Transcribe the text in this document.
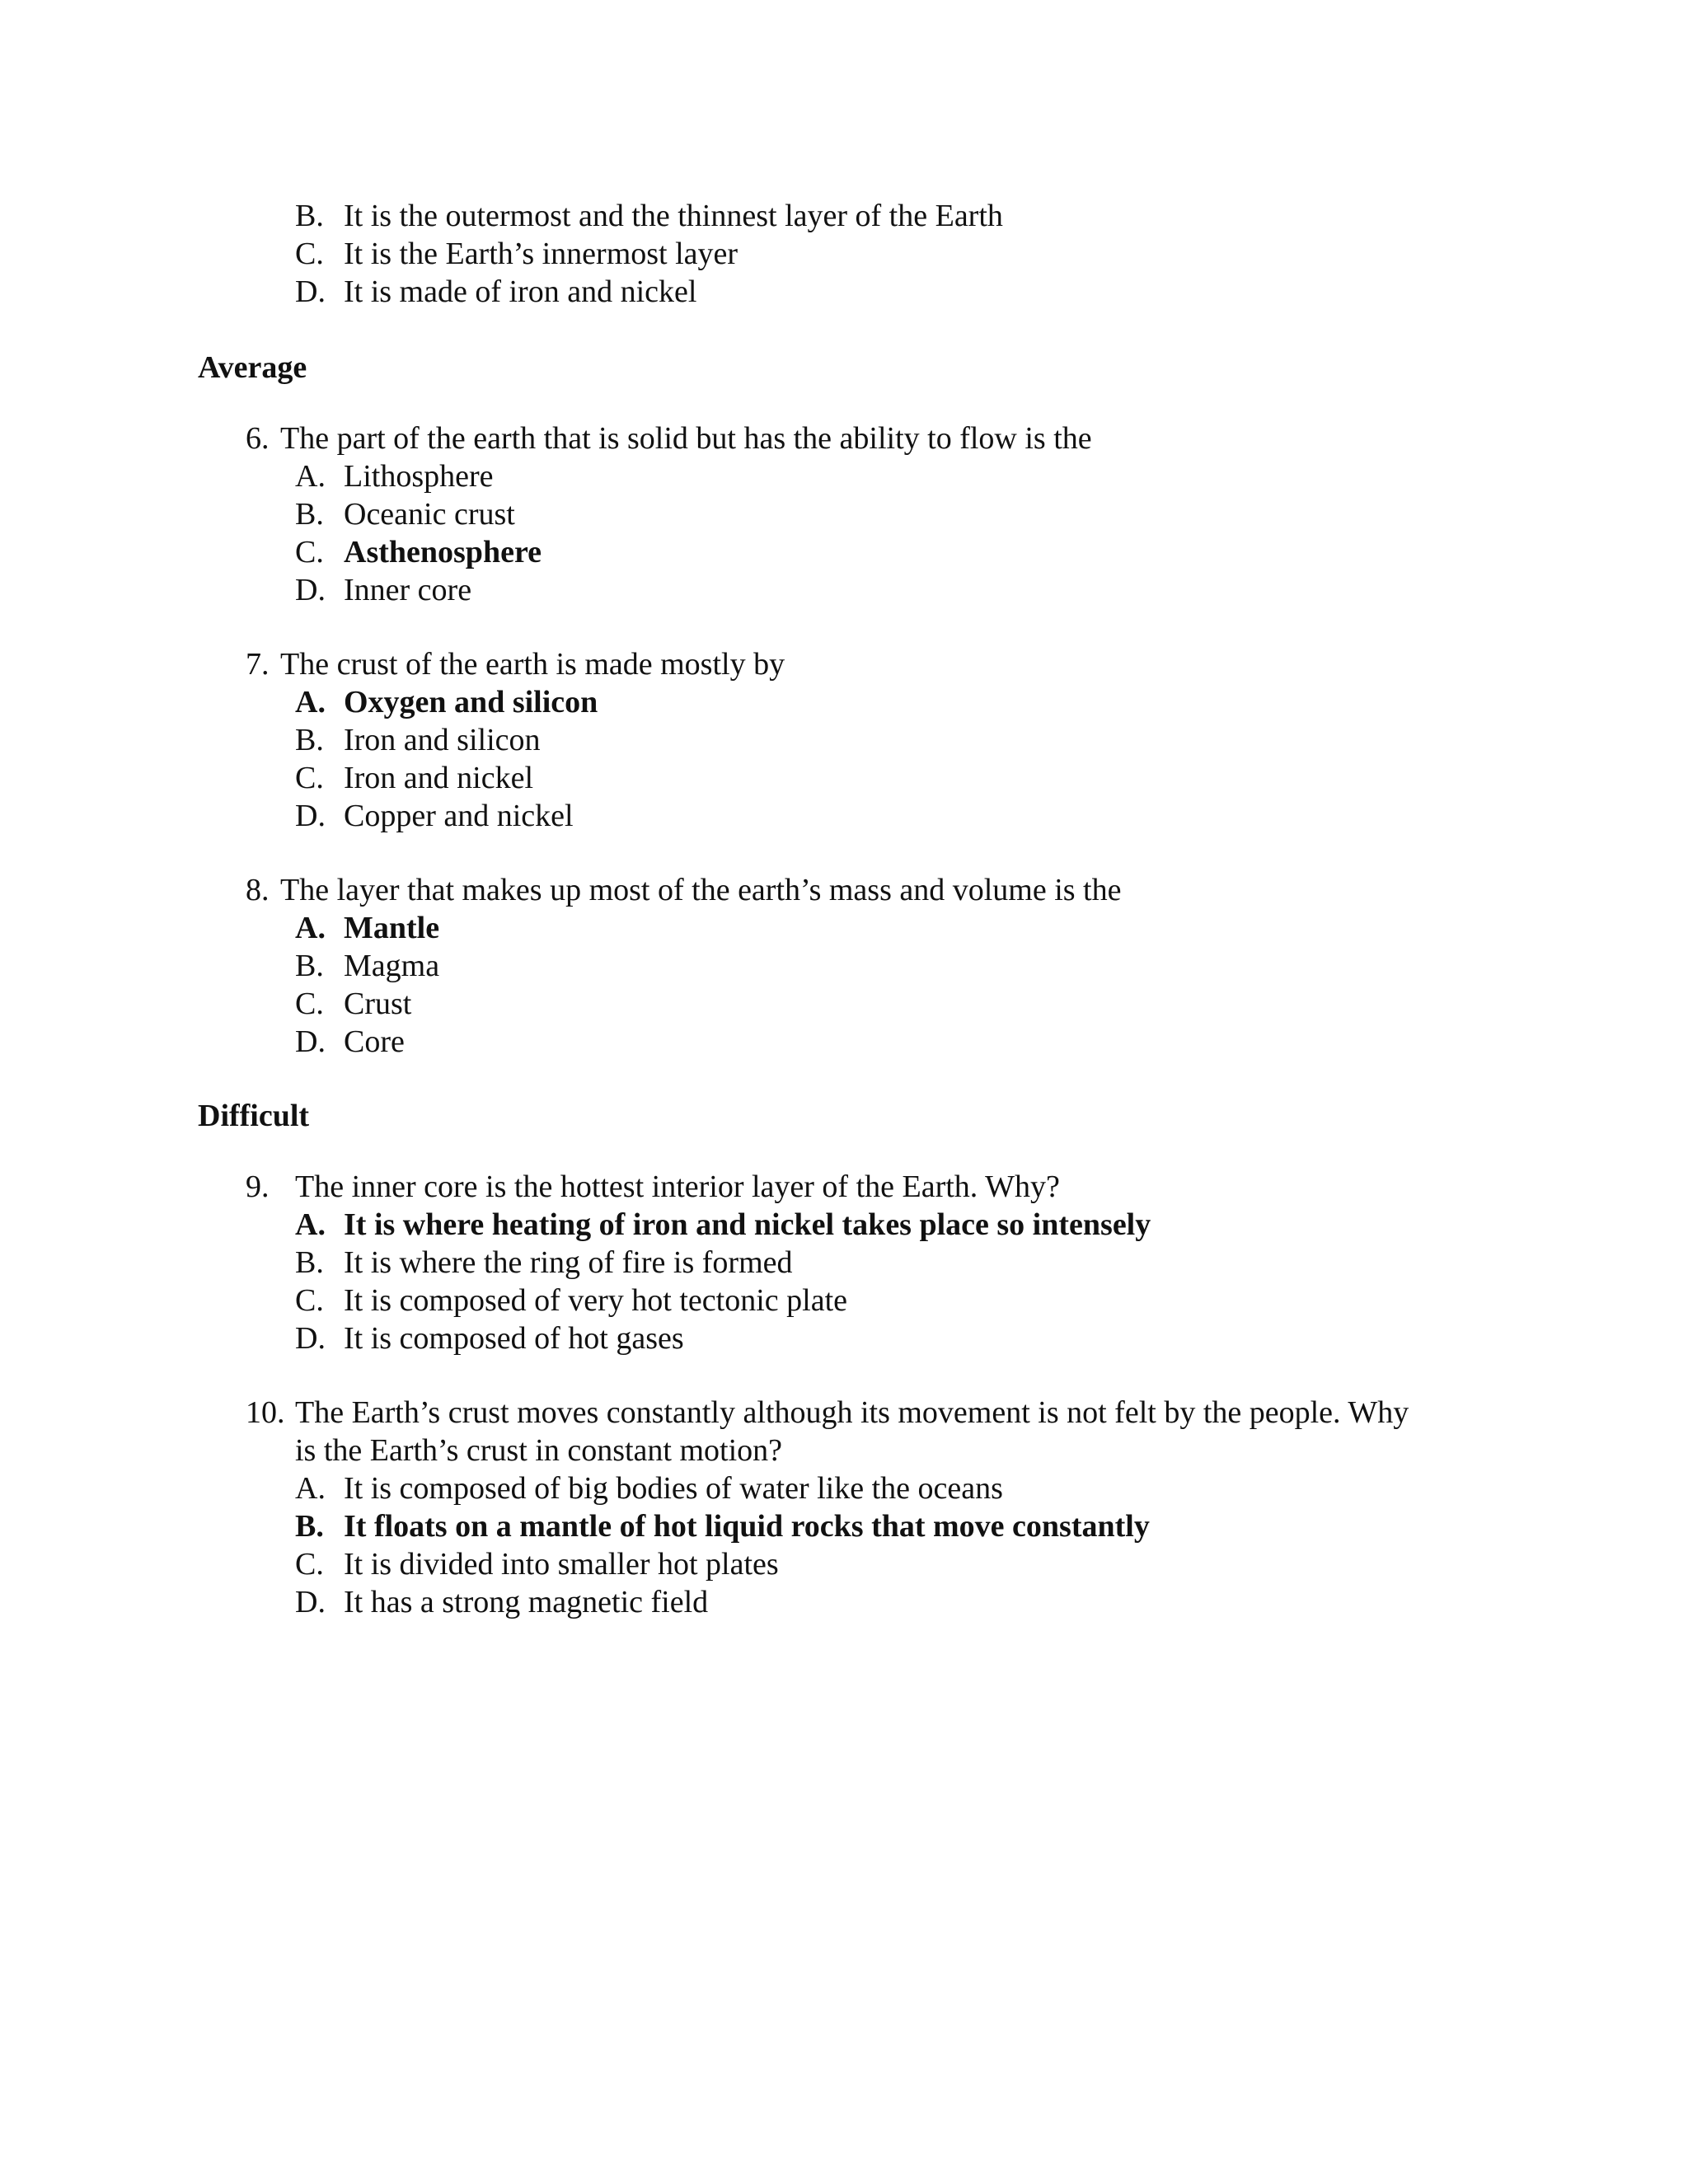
B. It is the outermost and the thinnest layer of the Earth
C. It is the Earth’s innermost layer
D. It is made of iron and nickel
Average
6. The part of the earth that is solid but has the ability to flow is the
A. Lithosphere
B. Oceanic crust
C. Asthenosphere
D. Inner core
7. The crust of the earth is made mostly by
A. Oxygen and silicon
B. Iron and silicon
C. Iron and nickel
D. Copper and nickel
8. The layer that makes up most of the earth’s mass and volume is the
A. Mantle
B. Magma
C. Crust
D. Core
Difficult
9. The inner core is the hottest interior layer of the Earth. Why?
A. It is where heating of iron and nickel takes place so intensely
B. It is where the ring of fire is formed
C. It is composed of very hot tectonic plate
D. It is composed of hot gases
10. The Earth’s crust moves constantly although its movement is not felt by the people. Why
is the Earth’s crust in constant motion?
A. It is composed of big bodies of water like the oceans
B. It floats on a mantle of hot liquid rocks that move constantly
C. It is divided into smaller hot plates
D. It has a strong magnetic field
